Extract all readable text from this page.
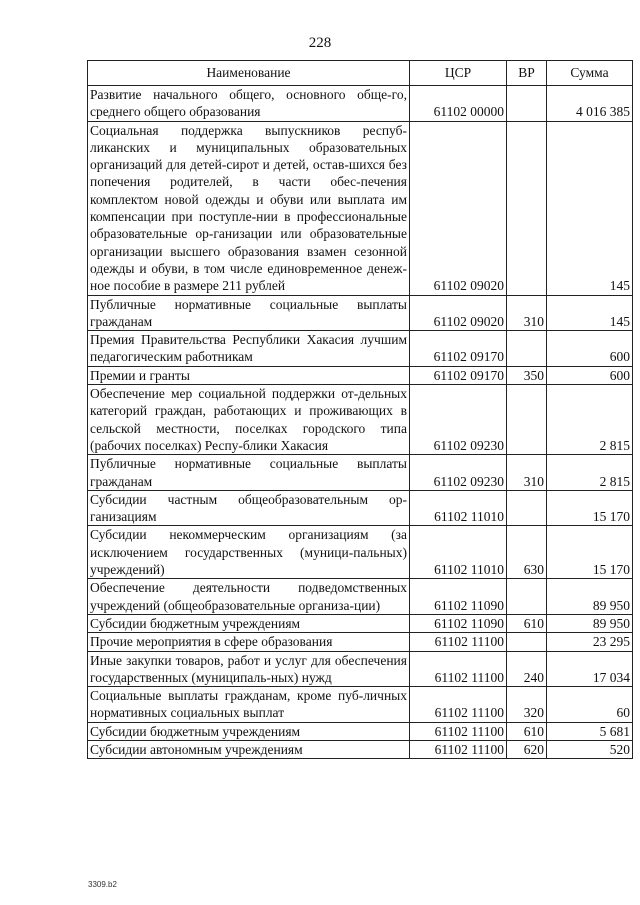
228
Наименование	ЦСР	ВР	Сумма
Развитие начального общего, основного обще-го, среднего общего образования	61102 00000		4 016 385
Социальная поддержка выпускников респуб-ликанских и муниципальных образовательных организаций для детей-сирот и детей, остав-шихся без попечения родителей, в части обес-печения комплектом новой одежды и обуви или выплата им компенсации при поступле-нии в профессиональные образовательные ор-ганизации или образовательные организации высшего образования взамен сезонной одежды и обуви, в том числе единовременное денеж-ное пособие в размере 211 рублей	61102 09020		145
Публичные нормативные социальные выплаты гражданам	61102 09020	310	145
Премия Правительства Республики Хакасия лучшим педагогическим работникам	61102 09170		600
Премии и гранты	61102 09170	350	600
Обеспечение мер социальной поддержки от-дельных категорий граждан, работающих и проживающих в сельской местности, поселках городского типа (рабочих поселках) Респу-блики Хакасия	61102 09230		2 815
Публичные нормативные социальные выплаты гражданам	61102 09230	310	2 815
Субсидии частным общеобразовательным ор-ганизациям	61102 11010		15 170
Субсидии некоммерческим организациям (за исключением государственных (муници-пальных) учреждений)	61102 11010	630	15 170
Обеспечение деятельности подведомственных учреждений (общеобразовательные организа-ции)	61102 11090		89 950
Субсидии бюджетным учреждениям	61102 11090	610	89 950
Прочие мероприятия в сфере образования	61102 11100		23 295
Иные закупки товаров, работ и услуг для обеспечения государственных (муниципаль-ных) нужд	61102 11100	240	17 034
Социальные выплаты гражданам, кроме пуб-личных нормативных социальных выплат	61102 11100	320	60
Субсидии бюджетным учреждениям	61102 11100	610	5 681
Субсидии автономным учреждениям	61102 11100	620	520
3309.b2
